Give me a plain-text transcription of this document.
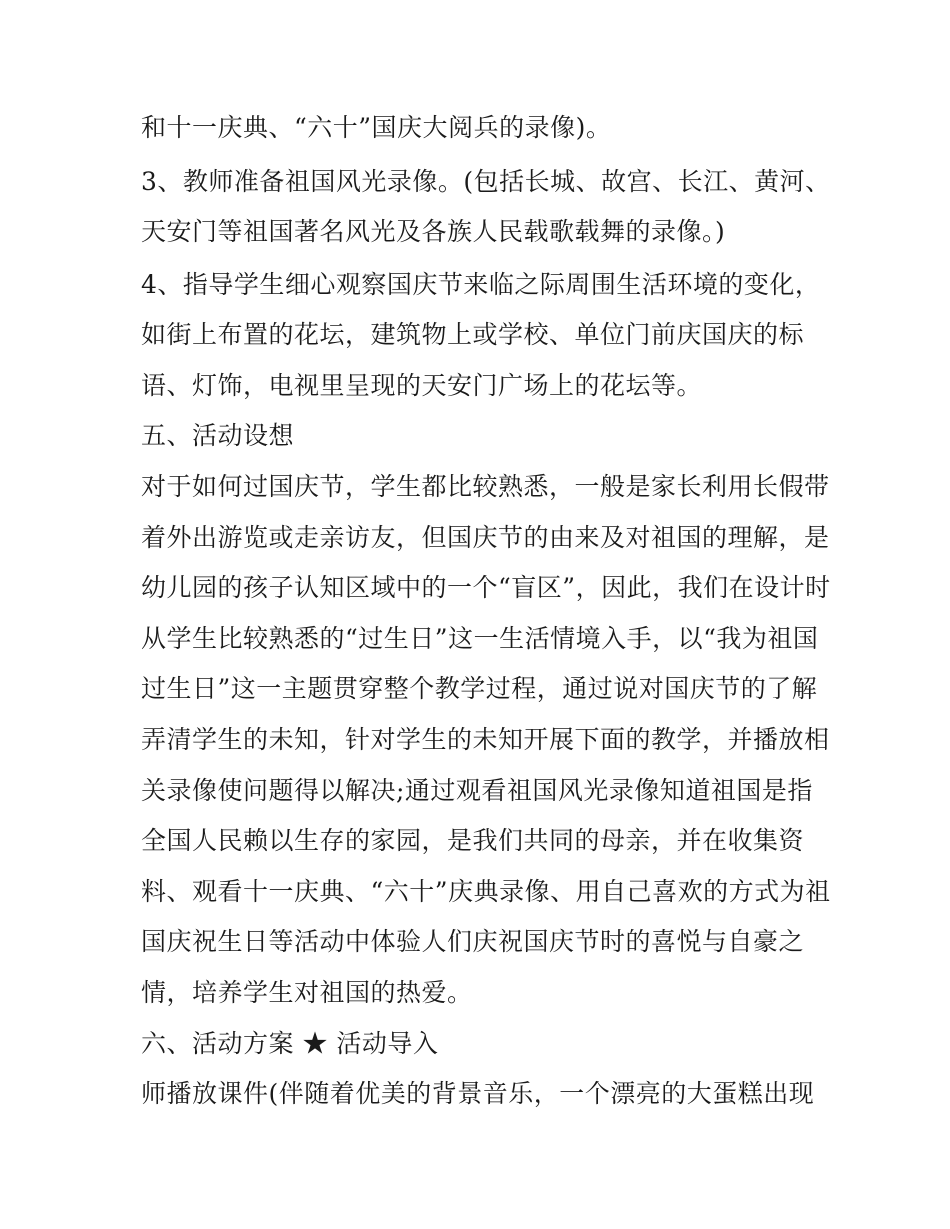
和十一庆典、“六十”国庆大阅兵的录像)。
3、教师准备祖国风光录像。(包括长城、故宫、长江、黄河、
天安门等祖国著名风光及各族人民载歌载舞的录像。)
4、指导学生细心观察国庆节来临之际周围生活环境的变化，
如街上布置的花坛，建筑物上或学校、单位门前庆国庆的标
语、灯饰，电视里呈现的天安门广场上的花坛等。
五、活动设想
对于如何过国庆节，学生都比较熟悉，一般是家长利用长假带
着外出游览或走亲访友，但国庆节的由来及对祖国的理解，是
幼儿园的孩子认知区域中的一个“盲区”，因此，我们在设计时
从学生比较熟悉的“过生日”这一生活情境入手，以“我为祖国
过生日”这一主题贯穿整个教学过程，通过说对国庆节的了解
弄清学生的未知，针对学生的未知开展下面的教学，并播放相
关录像使问题得以解决;通过观看祖国风光录像知道祖国是指
全国人民赖以生存的家园，是我们共同的母亲，并在收集资
料、观看十一庆典、“六十”庆典录像、用自己喜欢的方式为祖
国庆祝生日等活动中体验人们庆祝国庆节时的喜悦与自豪之
情，培养学生对祖国的热爱。
六、活动方案 ★ 活动导入
师播放课件(伴随着优美的背景音乐，一个漂亮的大蛋糕出现
